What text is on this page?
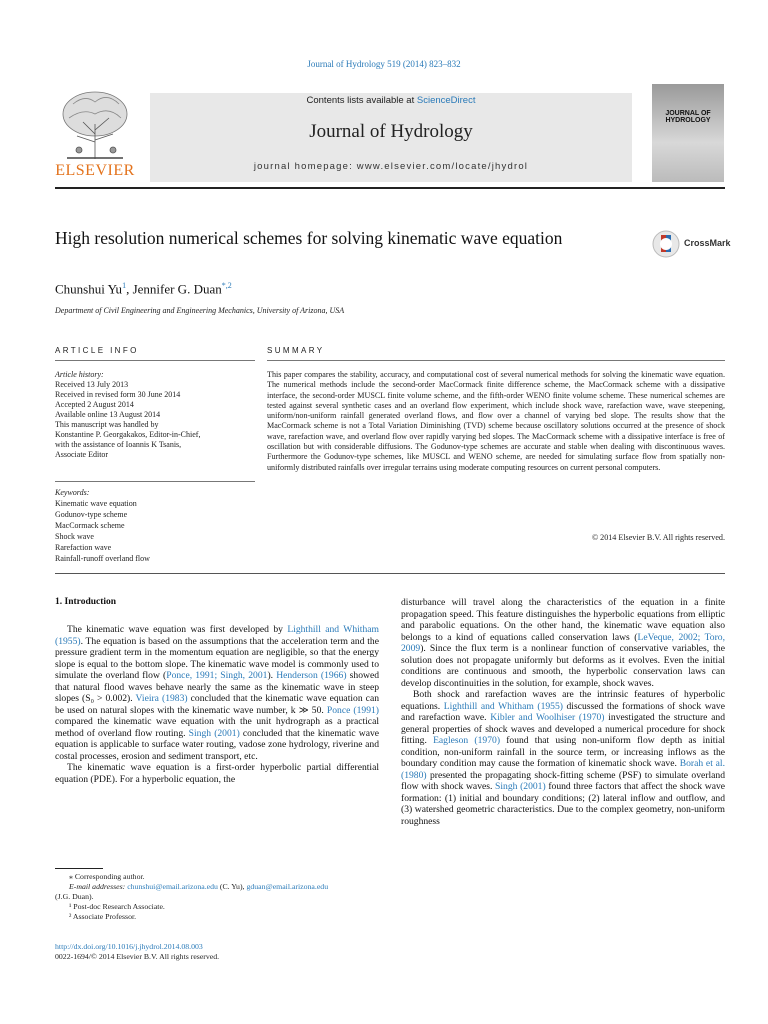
Journal of Hydrology 519 (2014) 823–832
ELSEVIER
Contents lists available at ScienceDirect
Journal of Hydrology
journal homepage: www.elsevier.com/locate/jhydrol
JOURNAL OF
HYDROLOGY
High resolution numerical schemes for solving kinematic wave equation	CrossMark
Chunshui Yu$^1$, Jennifer G. Duan$^{*,2}$
Department of Civil Engineering and Engineering Mechanics, University of Arizona, USA
ARTICLE INFO	SUMMARY
Article history:
Received 13 July 2013
Received in revised form 30 June 2014
Accepted 2 August 2014
Available online 13 August 2014
This manuscript was handled by
Konstantine P. Georgakakos, Editor-in-Chief,
with the assistance of Ioannis K Tsanis,
Associate Editor
Keywords:
Kinematic wave equation
Godunov-type scheme
MacCormack scheme
Shock wave
Rarefaction wave
Rainfall-runoff overland flow
This paper compares the stability, accuracy, and computational cost of several numerical methods for solving the kinematic wave equation. The numerical methods include the second-order MacCormack finite difference scheme, the MacCormack scheme with a dissipative interface, the second-order MUSCL finite volume scheme, and the fifth-order WENO finite volume scheme. These numerical schemes are tested against several synthetic cases and an overland flow experiment, which include shock wave, rarefaction wave, wave steepening, uniform/non-uniform rainfall generated overland flows, and flow over a channel of varying bed slope. The results show that the MacCormack scheme is not a Total Variation Diminishing (TVD) scheme because oscillatory solutions occurred at the presence of shock wave, rarefaction wave, and overland flow over rapidly varying bed slopes. The MacCormack scheme with a dissipative interface is free of oscillation but with considerable diffusions. The Godunov-type schemes are accurate and stable when dealing with discontinuous waves. Furthermore the Godunov-type schemes, like MUSCL and WENO scheme, are needed for simulating surface flow from spatially non-uniformly distributed rainfalls over irregular terrains using moderate computing resources on current personal computers.
© 2014 Elsevier B.V. All rights reserved.
1. Introduction

The kinematic wave equation was first developed by Lighthill and Whitham (1955). The equation is based on the assumptions that the acceleration term and the pressure gradient term in the momentum equation are negligible, so that the energy slope is equal to the bottom slope. The kinematic wave model is commonly used to simulate the overland flow (Ponce, 1991; Singh, 2001). Henderson (1966) showed that natural flood waves behave nearly the same as the kinematic wave in steep slopes (S₀ > 0.002). Vieira (1983) concluded that the kinematic wave equation can be used on natural slopes with the kinematic wave number, k ≫ 50. Ponce (1991) compared the kinematic wave equation with the unit hydrograph as a practical method of overland flow routing. Singh (2001) concluded that the kinematic wave equation is applicable to surface water routing, vadose zone hydrology, riverine and costal processes, erosion and sediment transport, etc.

The kinematic wave equation is a first-order hyperbolic partial differential equation (PDE). For a hyperbolic equation, the

disturbance will travel along the characteristics of the equation in a finite propagation speed. This feature distinguishes the hyperbolic equations from elliptic and parabolic equations. On the other hand, the kinematic wave equation also belongs to a kind of equations called conservation laws (LeVeque, 2002; Toro, 2009). Since the flux term is a nonlinear function of conservative variables, the solution does not propagate uniformly but deforms as it evolves. Even the initial conditions are continuous and smooth, the hyperbolic conservation laws can develop discontinuities in the solution, for example, shock waves.

Both shock and rarefaction waves are the intrinsic features of hyperbolic equations. Lighthill and Whitham (1955) discussed the formations of shock wave and rarefaction wave. Kibler and Woolhiser (1970) investigated the structure and general properties of shock waves and developed a numerical procedure for shock fitting. Eagleson (1970) found that using non-uniform flow depth as initial condition, non-uniform rainfall in the source term, or increasing inflows as the boundary condition may cause the formation of kinematic shock wave. Borah et al. (1980) presented the propagating shock-fitting scheme (PSF) to simulate overland flow with shock waves. Singh (2001) found three factors that affect the shock wave formation: (1) initial and boundary conditions; (2) lateral inflow and outflow, and (3) watershed geometric characteristics. Due to the complex geometry, non-uniform roughness

⁎ Corresponding author.
E-mail addresses: chunshui@email.arizona.edu (C. Yu), gduan@email.arizona.edu
(J.G. Duan).
¹ Post-doc Research Associate.
² Associate Professor.
http://dx.doi.org/10.1016/j.jhydrol.2014.08.003
0022-1694/© 2014 Elsevier B.V. All rights reserved.
